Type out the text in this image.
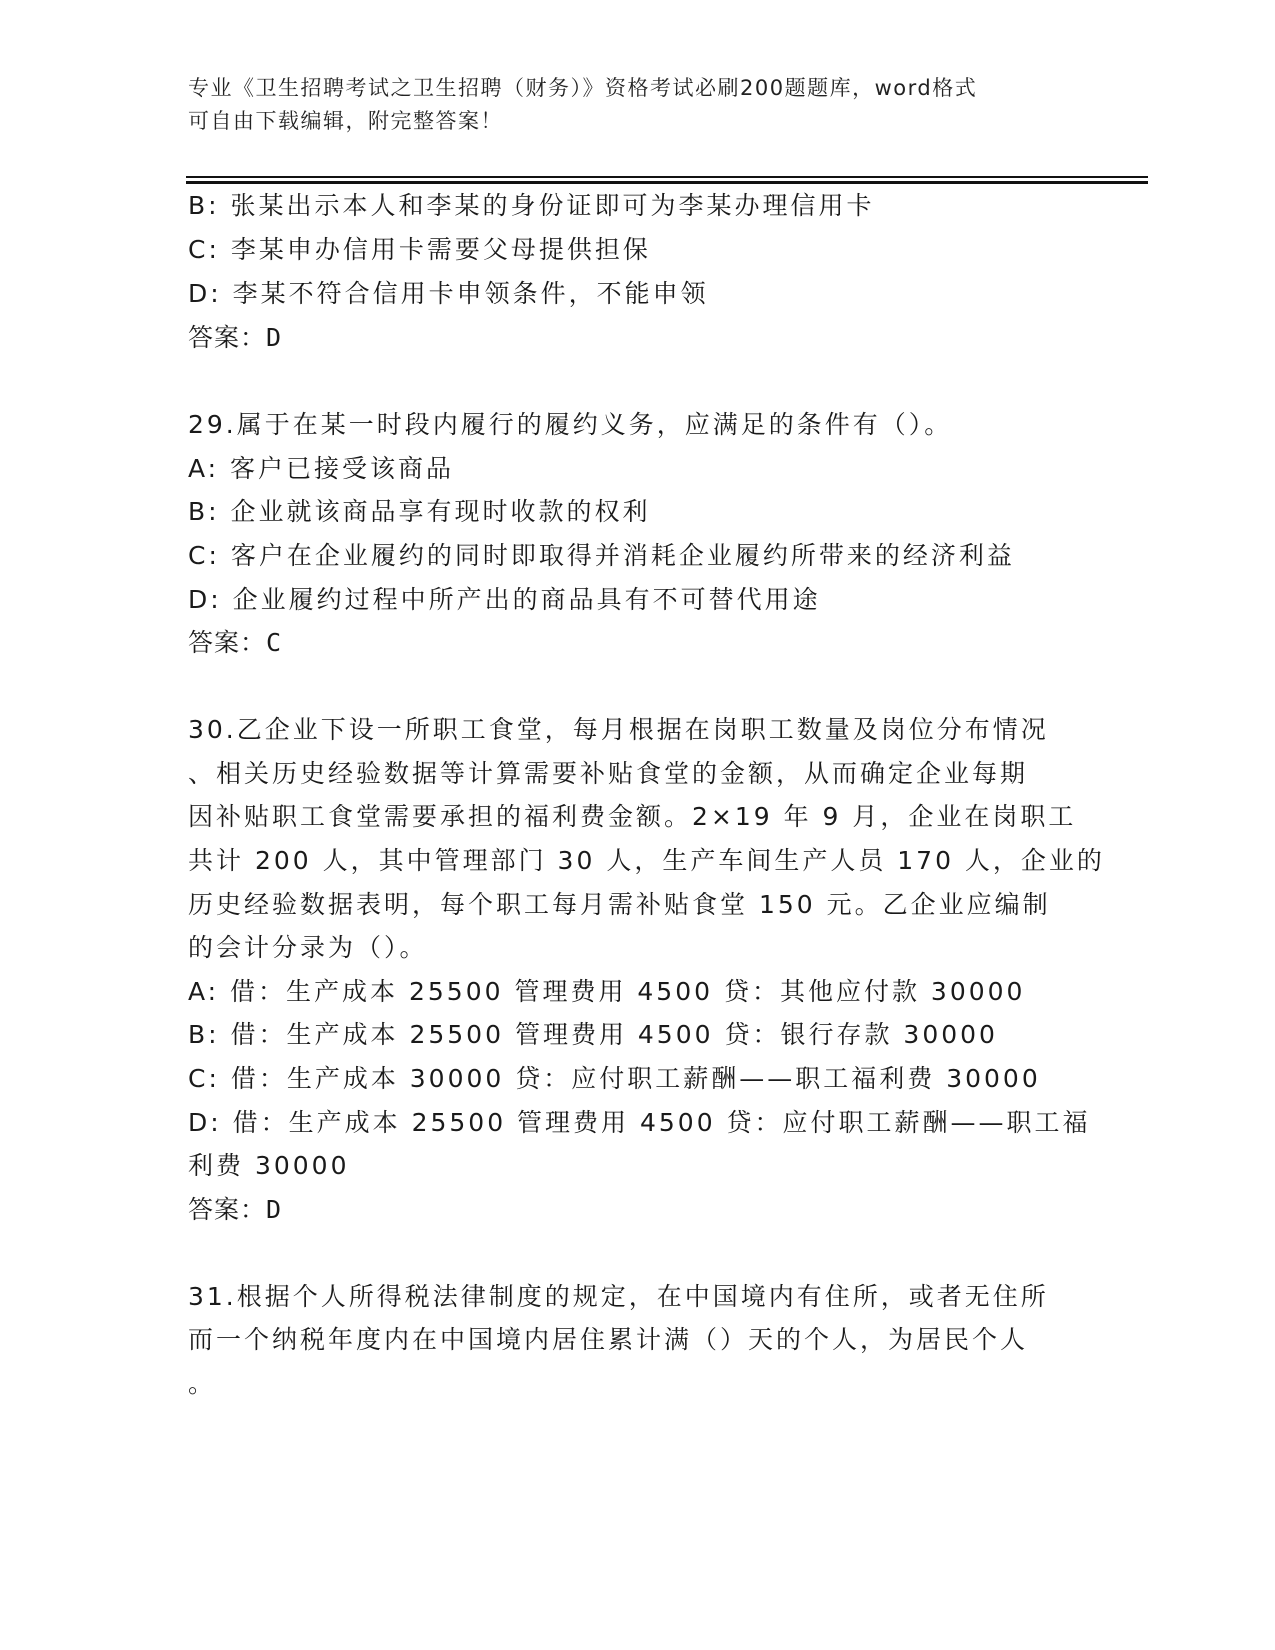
专业《卫生招聘考试之卫生招聘（财务）》资格考试必刷200题题库，word格式
可自由下载编辑，附完整答案！
B: 张某出示本人和李某的身份证即可为李某办理信用卡
C: 李某申办信用卡需要父母提供担保
D: 李某不符合信用卡申领条件，不能申领
答案：D
29.属于在某一时段内履行的履约义务，应满足的条件有（）。
A: 客户已接受该商品
B: 企业就该商品享有现时收款的权利
C: 客户在企业履约的同时即取得并消耗企业履约所带来的经济利益
D: 企业履约过程中所产出的商品具有不可替代用途
答案：C
30.乙企业下设一所职工食堂，每月根据在岗职工数量及岗位分布情况
、相关历史经验数据等计算需要补贴食堂的金额，从而确定企业每期
因补贴职工食堂需要承担的福利费金额。2×19 年 9 月，企业在岗职工
共计 200 人，其中管理部门 30 人，生产车间生产人员 170 人，企业的
历史经验数据表明，每个职工每月需补贴食堂 150 元。乙企业应编制
的会计分录为（）。
A: 借：生产成本 25500 管理费用 4500 贷：其他应付款 30000
B: 借：生产成本 25500 管理费用 4500 贷：银行存款 30000
C: 借：生产成本 30000 贷：应付职工薪酬——职工福利费 30000
D: 借：生产成本 25500 管理费用 4500 贷：应付职工薪酬——职工福
利费 30000
答案：D
31.根据个人所得税法律制度的规定，在中国境内有住所，或者无住所
而一个纳税年度内在中国境内居住累计满（）天的个人，为居民个人
。
